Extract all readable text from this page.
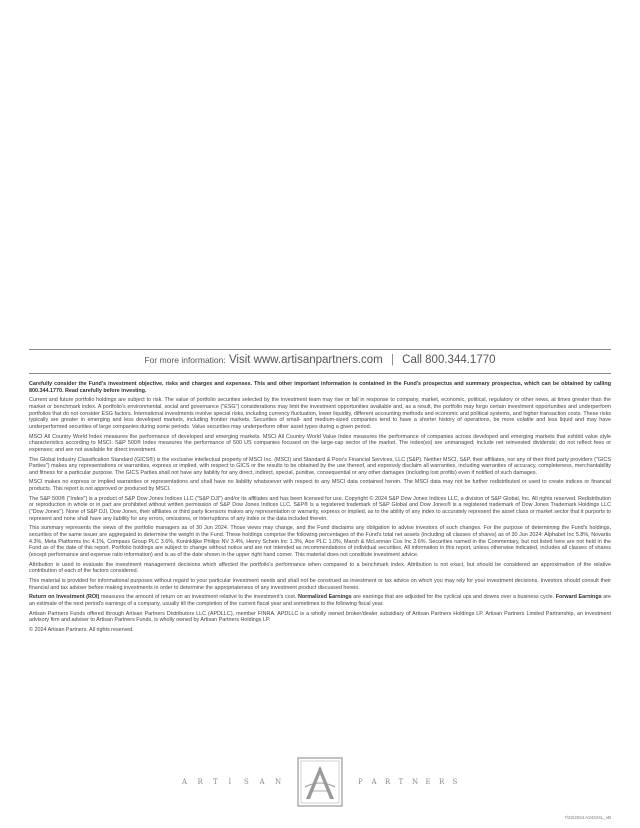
For more information: Visit www.artisanpartners.com | Call 800.344.1770

Carefully consider the Fund's investment objective, risks and charges and expenses. This and other important information is contained in the Fund's prospectus and summary prospectus, which can be obtained by calling 800.344.1770. Read carefully before investing.

Current and future portfolio holdings are subject to risk. The value of portfolio securities selected by the investment team may rise or fall in response to company, market, economic, political, regulatory or other news, at times greater than the market or benchmark index. A portfolio's environmental, social and governance ("ESG") considerations may limit the investment opportunities available and, as a result, the portfolio may forgo certain investment opportunities and underperform portfolios that do not consider ESG factors. International investments involve special risks, including currency fluctuation, lower liquidity, different accounting methods and economic and political systems, and higher transaction costs. These risks typically are greater in emerging and less developed markets, including frontier markets. Securities of small- and medium-sized companies tend to have a shorter history of operations, be more volatile and less liquid and may have underperformed securities of large companies during some periods. Value securities may underperform other asset types during a given period.

MSCI All Country World Index measures the performance of developed and emerging markets. MSCI All Country World Value Index measures the performance of companies across developed and emerging markets that exhibit value style characteristics according to MSCI. S&P 500® Index measures the performance of 500 US companies focused on the large-cap sector of the market. The index(es) are unmanaged; include net reinvested dividends; do not reflect fees or expenses; and are not available for direct investment.

The Global Industry Classification Standard (GICS®) is the exclusive intellectual property of MSCI Inc. (MSCI) and Standard & Poor's Financial Services, LLC (S&P). Neither MSCI, S&P, their affiliates, nor any of their third party providers ("GICS Parties") makes any representations or warranties, express or implied, with respect to GICS or the results to be obtained by the use thereof, and expressly disclaim all warranties, including warranties of accuracy, completeness, merchantability and fitness for a particular purpose. The GICS Parties shall not have any liability for any direct, indirect, special, punitive, consequential or any other damages (including lost profits) even if notified of such damages.

MSCI makes no express or implied warranties or representations and shall have no liability whatsoever with respect to any MSCI data contained herein. The MSCI data may not be further redistributed or used to create indices or financial products. This report is not approved or produced by MSCI.

The S&P 500® ("Index") is a product of S&P Dow Jones Indices LLC ("S&P DJI") and/or its affiliates and has been licensed for use. Copyright © 2024 S&P Dow Jones Indices LLC, a division of S&P Global, Inc. All rights reserved. Redistribution or reproduction in whole or in part are prohibited without written permission of S&P Dow Jones Indices LLC. S&P® is a registered trademark of S&P Global and Dow Jones® is a registered trademark of Dow Jones Trademark Holdings LLC ("Dow Jones"). None of S&P DJI, Dow Jones, their affiliates or third party licensors makes any representation or warranty, express or implied, as to the ability of any index to accurately represent the asset class or market sector that it purports to represent and none shall have any liability for any errors, omissions, or interruptions of any index or the data included therein.

This summary represents the views of the portfolio managers as of 30 Jun 2024. Those views may change, and the Fund disclaims any obligation to advise investors of such changes. For the purpose of determining the Fund's holdings, securities of the same issuer are aggregated to determine the weight in the Fund. These holdings comprise the following percentages of the Fund's total net assets (including all classes of shares) as of 30 Jun 2024: Alphabet Inc 5.8%, Novartis 4.3%, Meta Platforms Inc 4.1%, Compass Group PLC 3.6%, Koninklijke Philips NV 3.4%, Henry Schein Inc 1.3%, Aon PLC 1.0%, Marsh & McLennan Cos Inc 2.6%. Securities named in the Commentary, but not listed here are not held in the Fund as of the date of this report. Portfolio holdings are subject to change without notice and are not intended as recommendations of individual securities. All information in this report, unless otherwise indicated, includes all classes of shares (except performance and expense ratio information) and is as of the date shown in the upper right hand corner. This material does not constitute investment advice.

Attribution is used to evaluate the investment management decisions which affected the portfolio's performance when compared to a benchmark index. Attribution is not exact, but should be considered an approximation of the relative contribution of each of the factors considered.

This material is provided for informational purposes without regard to your particular investment needs and shall not be construed as investment or tax advice on which you may rely for your investment decisions. Investors should consult their financial and tax adviser before making investments in order to determine the appropriateness of any investment product discussed herein.

Return on Investment (ROI) measures the amount of return on an investment relative to the investment's cost. Normalized Earnings are earnings that are adjusted for the cyclical ups and downs over a business cycle. Forward Earnings are an estimate of the next period's earnings of a company, usually till the completion of the current fiscal year and sometimes to the following fiscal year.

Artisan Partners Funds offered through Artisan Partners Distributors LLC (APDLLC), member FINRA. APDLLC is a wholly owned broker/dealer subsidiary of Artisan Partners Holdings LP. Artisan Partners Limited Partnership, an investment advisory firm and adviser to Artisan Partners Funds, is wholly owned by Artisan Partners Holdings LP.

© 2024 Artisan Partners. All rights reserved.

A R T I S A N	P A R T N E R S
7/22/2024 A24344L_vB
